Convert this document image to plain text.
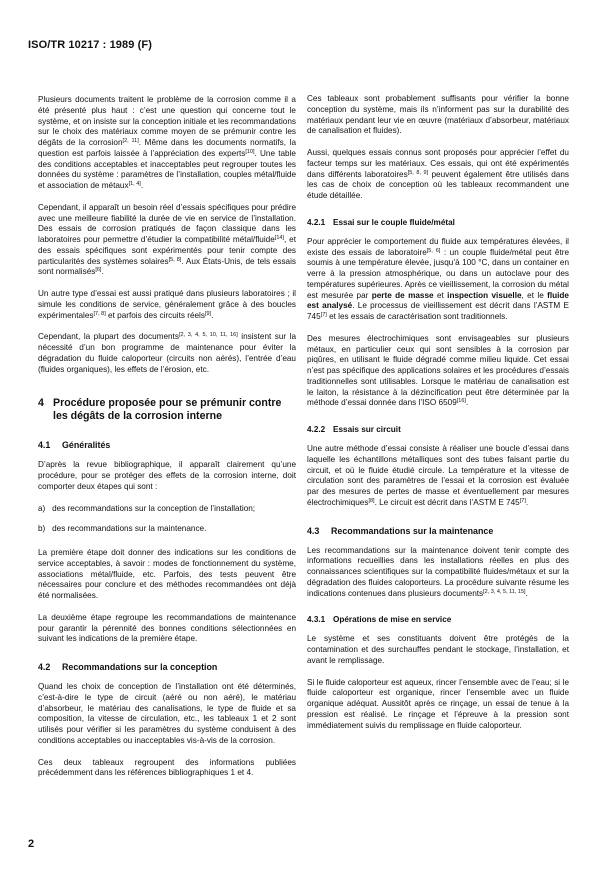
ISO/TR 10217 : 1989 (F)

Plusieurs documents traitent le problème de la corrosion comme il a été présenté plus haut : c’est une question qui concerne tout le système, et on insiste sur la conception initiale et les recommandations sur le choix des matériaux comme moyen de se prémunir contre les dégâts de la corrosion[2, 11]. Même dans les documents normatifs, la question est parfois laissée à l’appréciation des experts[10]. Une table des conditions acceptables et inacceptables peut regrouper toutes les données du système : paramètres de l’installation, couples métal/fluide et association de métaux[1, 4].

Cependant, il apparaît un besoin réel d’essais spécifiques pour prédire avec une meilleure fiabilité la durée de vie en service de l’installation. Des essais de corrosion pratiqués de façon classique dans les laboratoires pour permettre d’étudier la compatibilité métal/fluide[14], et des essais spécifiques sont expérimentés pour tenir compte des particularités des systèmes solaires[5, 8]. Aux États-Unis, de tels essais sont normalisés[6].

Un autre type d’essai est aussi pratiqué dans plusieurs laboratoires ; il simule les conditions de service, généralement grâce à des boucles expérimentales[7, 8] et parfois des circuits réels[9].

Cependant, la plupart des documents[2, 3, 4, 5, 10, 11, 16] insistent sur la nécessité d’un bon programme de maintenance pour éviter la dégradation du fluide caloporteur (circuits non aérés), l’entrée d’eau (fluides organiques), les effets de l’érosion, etc.

4 Procédure proposée pour se prémunir contre les dégâts de la corrosion interne
4.1 Généralités

D’après la revue bibliographique, il apparaît clairement qu’une procédure, pour se protéger des effets de la corrosion interne, doit comporter deux étapes qui sont :

a)   des recommandations sur la conception de l’installation;

b)   des recommandations sur la maintenance.

La première étape doit donner des indications sur les conditions de service acceptables, à savoir : modes de fonctionnement du système, associations métal/fluide, etc. Parfois, des tests peuvent être nécessaires pour conclure et des méthodes recommandées ont déjà été normalisées.

La deuxième étape regroupe les recommandations de maintenance pour garantir la pérennité des bonnes conditions sélectionnées en suivant les indications de la première étape.

4.2 Recommandations sur la conception

Quand les choix de conception de l’installation ont été déterminés, c’est-à-dire le type de circuit (aéré ou non aéré), le matériau d’absorbeur, le matériau des canalisations, le type de fluide et sa composition, la vitesse de circulation, etc., les tableaux 1 et 2 sont utilisés pour vérifier si les paramètres du système conduisent à des conditions acceptables ou inacceptables vis-à-vis de la corrosion.

Ces deux tableaux regroupent des informations publiées précédemment dans les références bibliographiques 1 et 4.

Ces tableaux sont probablement suffisants pour vérifier la bonne conception du système, mais ils n’informent pas sur la durabilité des matériaux pendant leur vie en œuvre (matériaux d’absorbeur, matériaux de canalisation et fluides).

Aussi, quelques essais connus sont proposés pour apprécier l’effet du facteur temps sur les matériaux. Ces essais, qui ont été expérimentés dans différents laboratoires[5, 8, 9] peuvent également être utilisés dans les cas de choix de conception où les tableaux recommandent une étude détaillée.

4.2.1 Essai sur le couple fluide/métal

Pour apprécier le comportement du fluide aux températures élevées, il existe des essais de laboratoire[5, 6] : un couple fluide/métal peut être soumis à une température élevée, jusqu’à 100 °C, dans un container en verre à la pression atmosphérique, ou dans un autoclave pour des températures supérieures. Après ce vieillissement, la corrosion du métal est mesurée par perte de masse et inspection visuelle, et le fluide est analysé. Le processus de vieillissement est décrit dans l’ASTM E 745[7] et les essais de caractérisation sont traditionnels.

Des mesures électrochimiques sont envisageables sur plusieurs métaux, en particulier ceux qui sont sensibles à la corrosion par piqûres, en utilisant le fluide dégradé comme milieu liquide. Cet essai n’est pas spécifique des applications solaires et les procédures d’essais traditionnelles sont utilisables. Lorsque le matériau de canalisation est le laiton, la résistance à la dézincification peut être déterminée par la méthode d’essai donnée dans l’ISO 6509[16].

4.2.2 Essais sur circuit

Une autre méthode d’essai consiste à réaliser une boucle d’essai dans laquelle les échantillons métalliques sont des tubes faisant partie du circuit, et où le fluide étudié circule. La température et la vitesse de circulation sont des paramètres de l’essai et la corrosion est évaluée par des mesures de pertes de masse et éventuellement par mesures électrochimiques[8]. Le circuit est décrit dans l’ASTM E 745[7].

4.3 Recommandations sur la maintenance

Les recommandations sur la maintenance doivent tenir compte des informations recueillies dans les installations réelles en plus des connaissances scientifiques sur la compatibilité fluides/métaux et sur la dégradation des fluides caloporteurs. La procédure suivante résume les indications contenues dans plusieurs documents[2, 3, 4, 5, 11, 15].

4.3.1 Opérations de mise en service

Le système et ses constituants doivent être protégés de la contamination et des surchauffes pendant le stockage, l’installation, et avant le remplissage.

Si le fluide caloporteur est aqueux, rincer l’ensemble avec de l’eau; si le fluide caloporteur est organique, rincer l’ensemble avec un fluide organique adéquat. Aussitôt après ce rinçage, un essai de tenue à la pression est réalisé. Le rinçage et l’épreuve à la pression sont immédiatement suivis du remplissage en fluide caloporteur.

2
